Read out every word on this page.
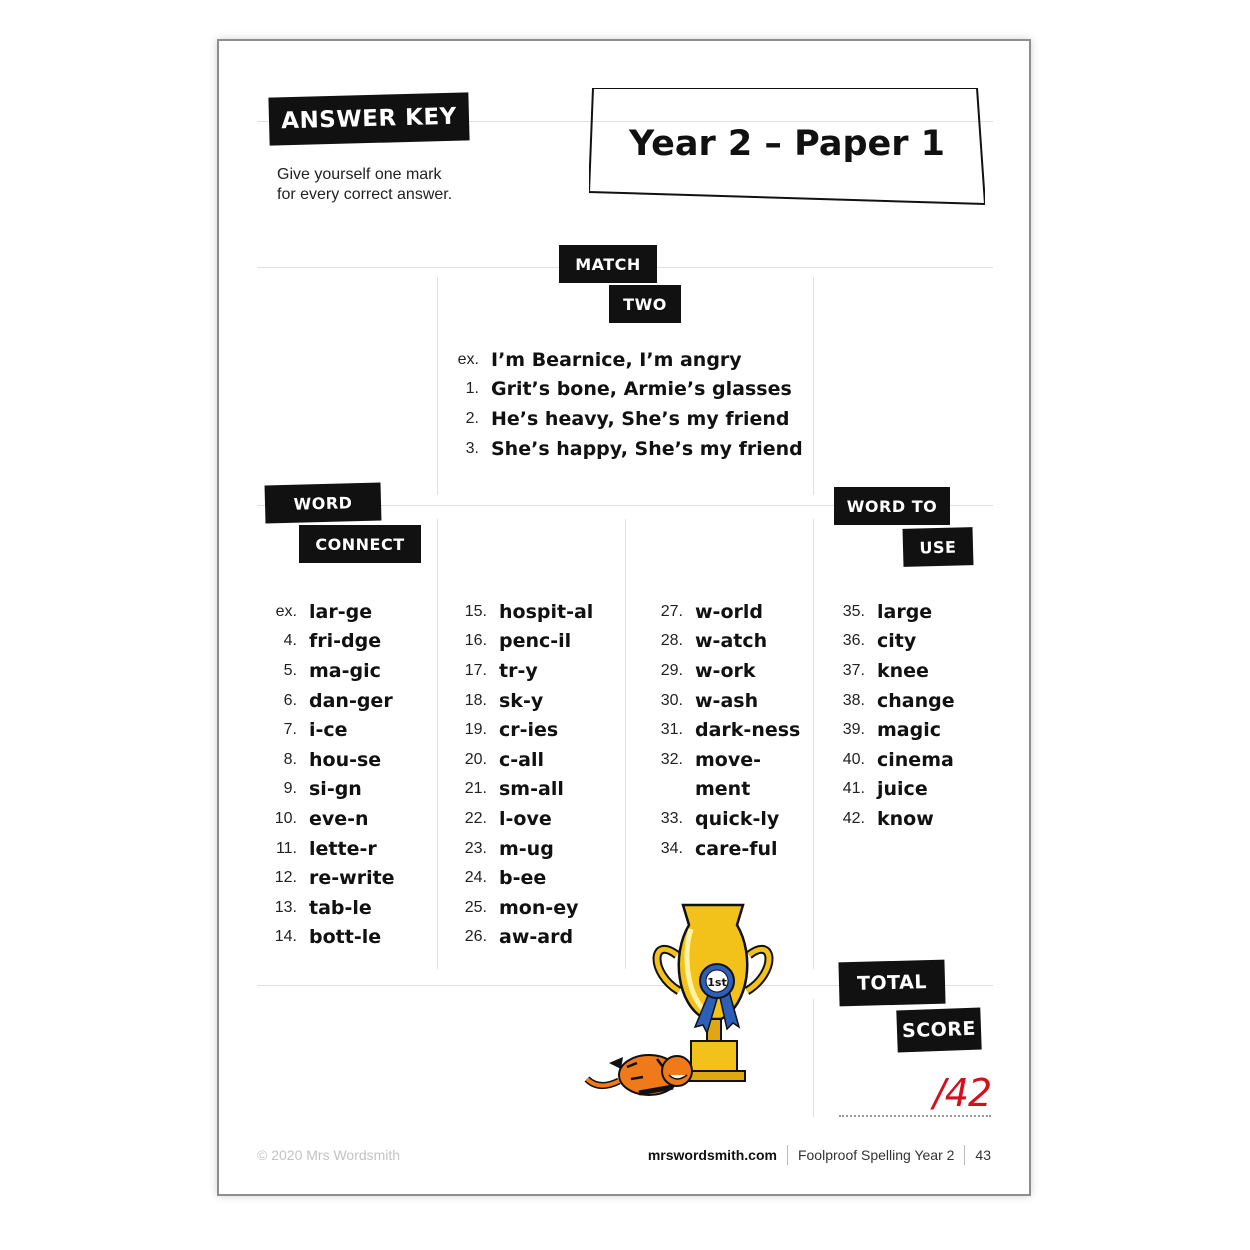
ANSWER KEY
Give yourself one mark
for every correct answer.
Year 2 – Paper 1
MATCH
TWO
ex. I’m Bearnice, I’m angry
1. Grit’s bone, Armie’s glasses
2. He’s heavy, She’s my friend
3. She’s happy, She’s my friend
WORD
CONNECT
WORD TO
USE
ex. lar-ge
4. fri-dge
5. ma-gic
6. dan-ger
7. i-ce
8. hou-se
9. si-gn
10. eve-n
11. lette-r
12. re-write
13. tab-le
14. bott-le
15. hospit-al
16. penc-il
17. tr-y
18. sk-y
19. cr-ies
20. c-all
21. sm-all
22. l-ove
23. m-ug
24. b-ee
25. mon-ey
26. aw-ard
27. w-orld
28. w-atch
29. w-ork
30. w-ash
31. dark-ness
32. move-
ment
33. quick-ly
34. care-ful
35. large
36. city
37. knee
38. change
39. magic
40. cinema
41. juice
42. know
1st	TOTAL
SCORE
/42
© 2020 Mrs Wordsmith	mrswordsmith.com Foolproof Spelling Year 2 43
